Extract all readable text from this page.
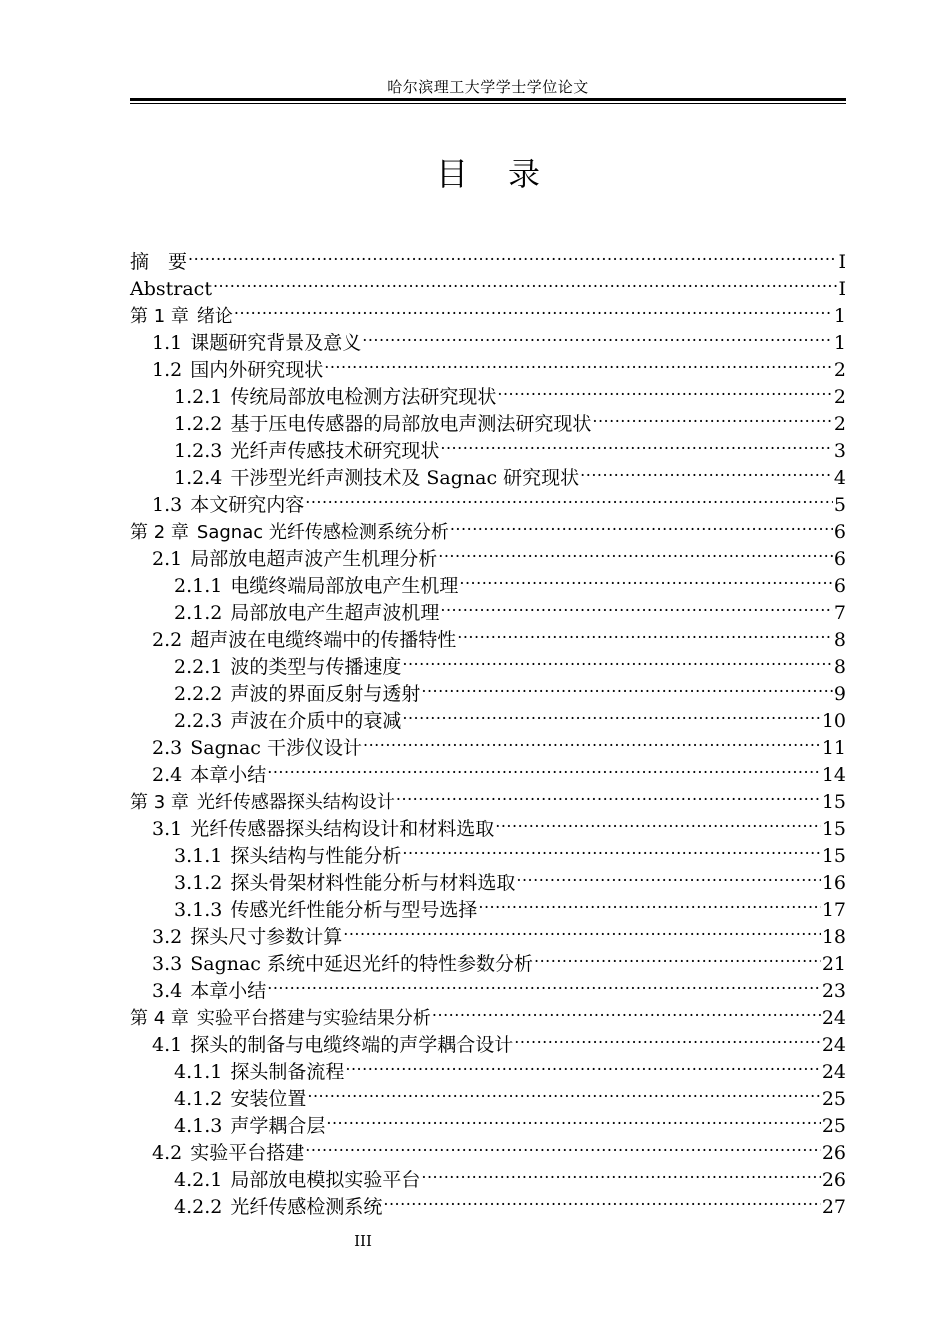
哈尔滨理工大学学士学位论文
目 录
摘　要 .....	I
Abstract .....	I
第 1 章 绪论 .....	1
1.1 课题研究背景及意义 .....	1
1.2 国内外研究现状 .....	2
1.2.1 传统局部放电检测方法研究现状 .....	2
1.2.2 基于压电传感器的局部放电声测法研究现状 .....	2
1.2.3 光纤声传感技术研究现状 .....	3
1.2.4 干涉型光纤声测技术及 Sagnac 研究现状 .....	4
1.3 本文研究内容 .....	5
第 2 章 Sagnac 光纤传感检测系统分析 .....	6
2.1 局部放电超声波产生机理分析 .....	6
2.1.1 电缆终端局部放电产生机理 .....	6
2.1.2 局部放电产生超声波机理 .....	7
2.2 超声波在电缆终端中的传播特性 .....	8
2.2.1 波的类型与传播速度 .....	8
2.2.2 声波的界面反射与透射 .....	9
2.2.3 声波在介质中的衰减 .....	10
2.3 Sagnac 干涉仪设计 .....	11
2.4 本章小结 .....	14
第 3 章 光纤传感器探头结构设计 .....	15
3.1 光纤传感器探头结构设计和材料选取 .....	15
3.1.1 探头结构与性能分析 .....	15
3.1.2 探头骨架材料性能分析与材料选取 .....	16
3.1.3 传感光纤性能分析与型号选择 .....	17
3.2 探头尺寸参数计算 .....	18
3.3 Sagnac 系统中延迟光纤的特性参数分析 .....	21
3.4 本章小结 .....	23
第 4 章 实验平台搭建与实验结果分析 .....	24
4.1 探头的制备与电缆终端的声学耦合设计 .....	24
4.1.1 探头制备流程 .....	24
4.1.2 安装位置 .....	25
4.1.3 声学耦合层 .....	25
4.2 实验平台搭建 .....	26
4.2.1 局部放电模拟实验平台 .....	26
4.2.2 光纤传感检测系统 .....	27
III
